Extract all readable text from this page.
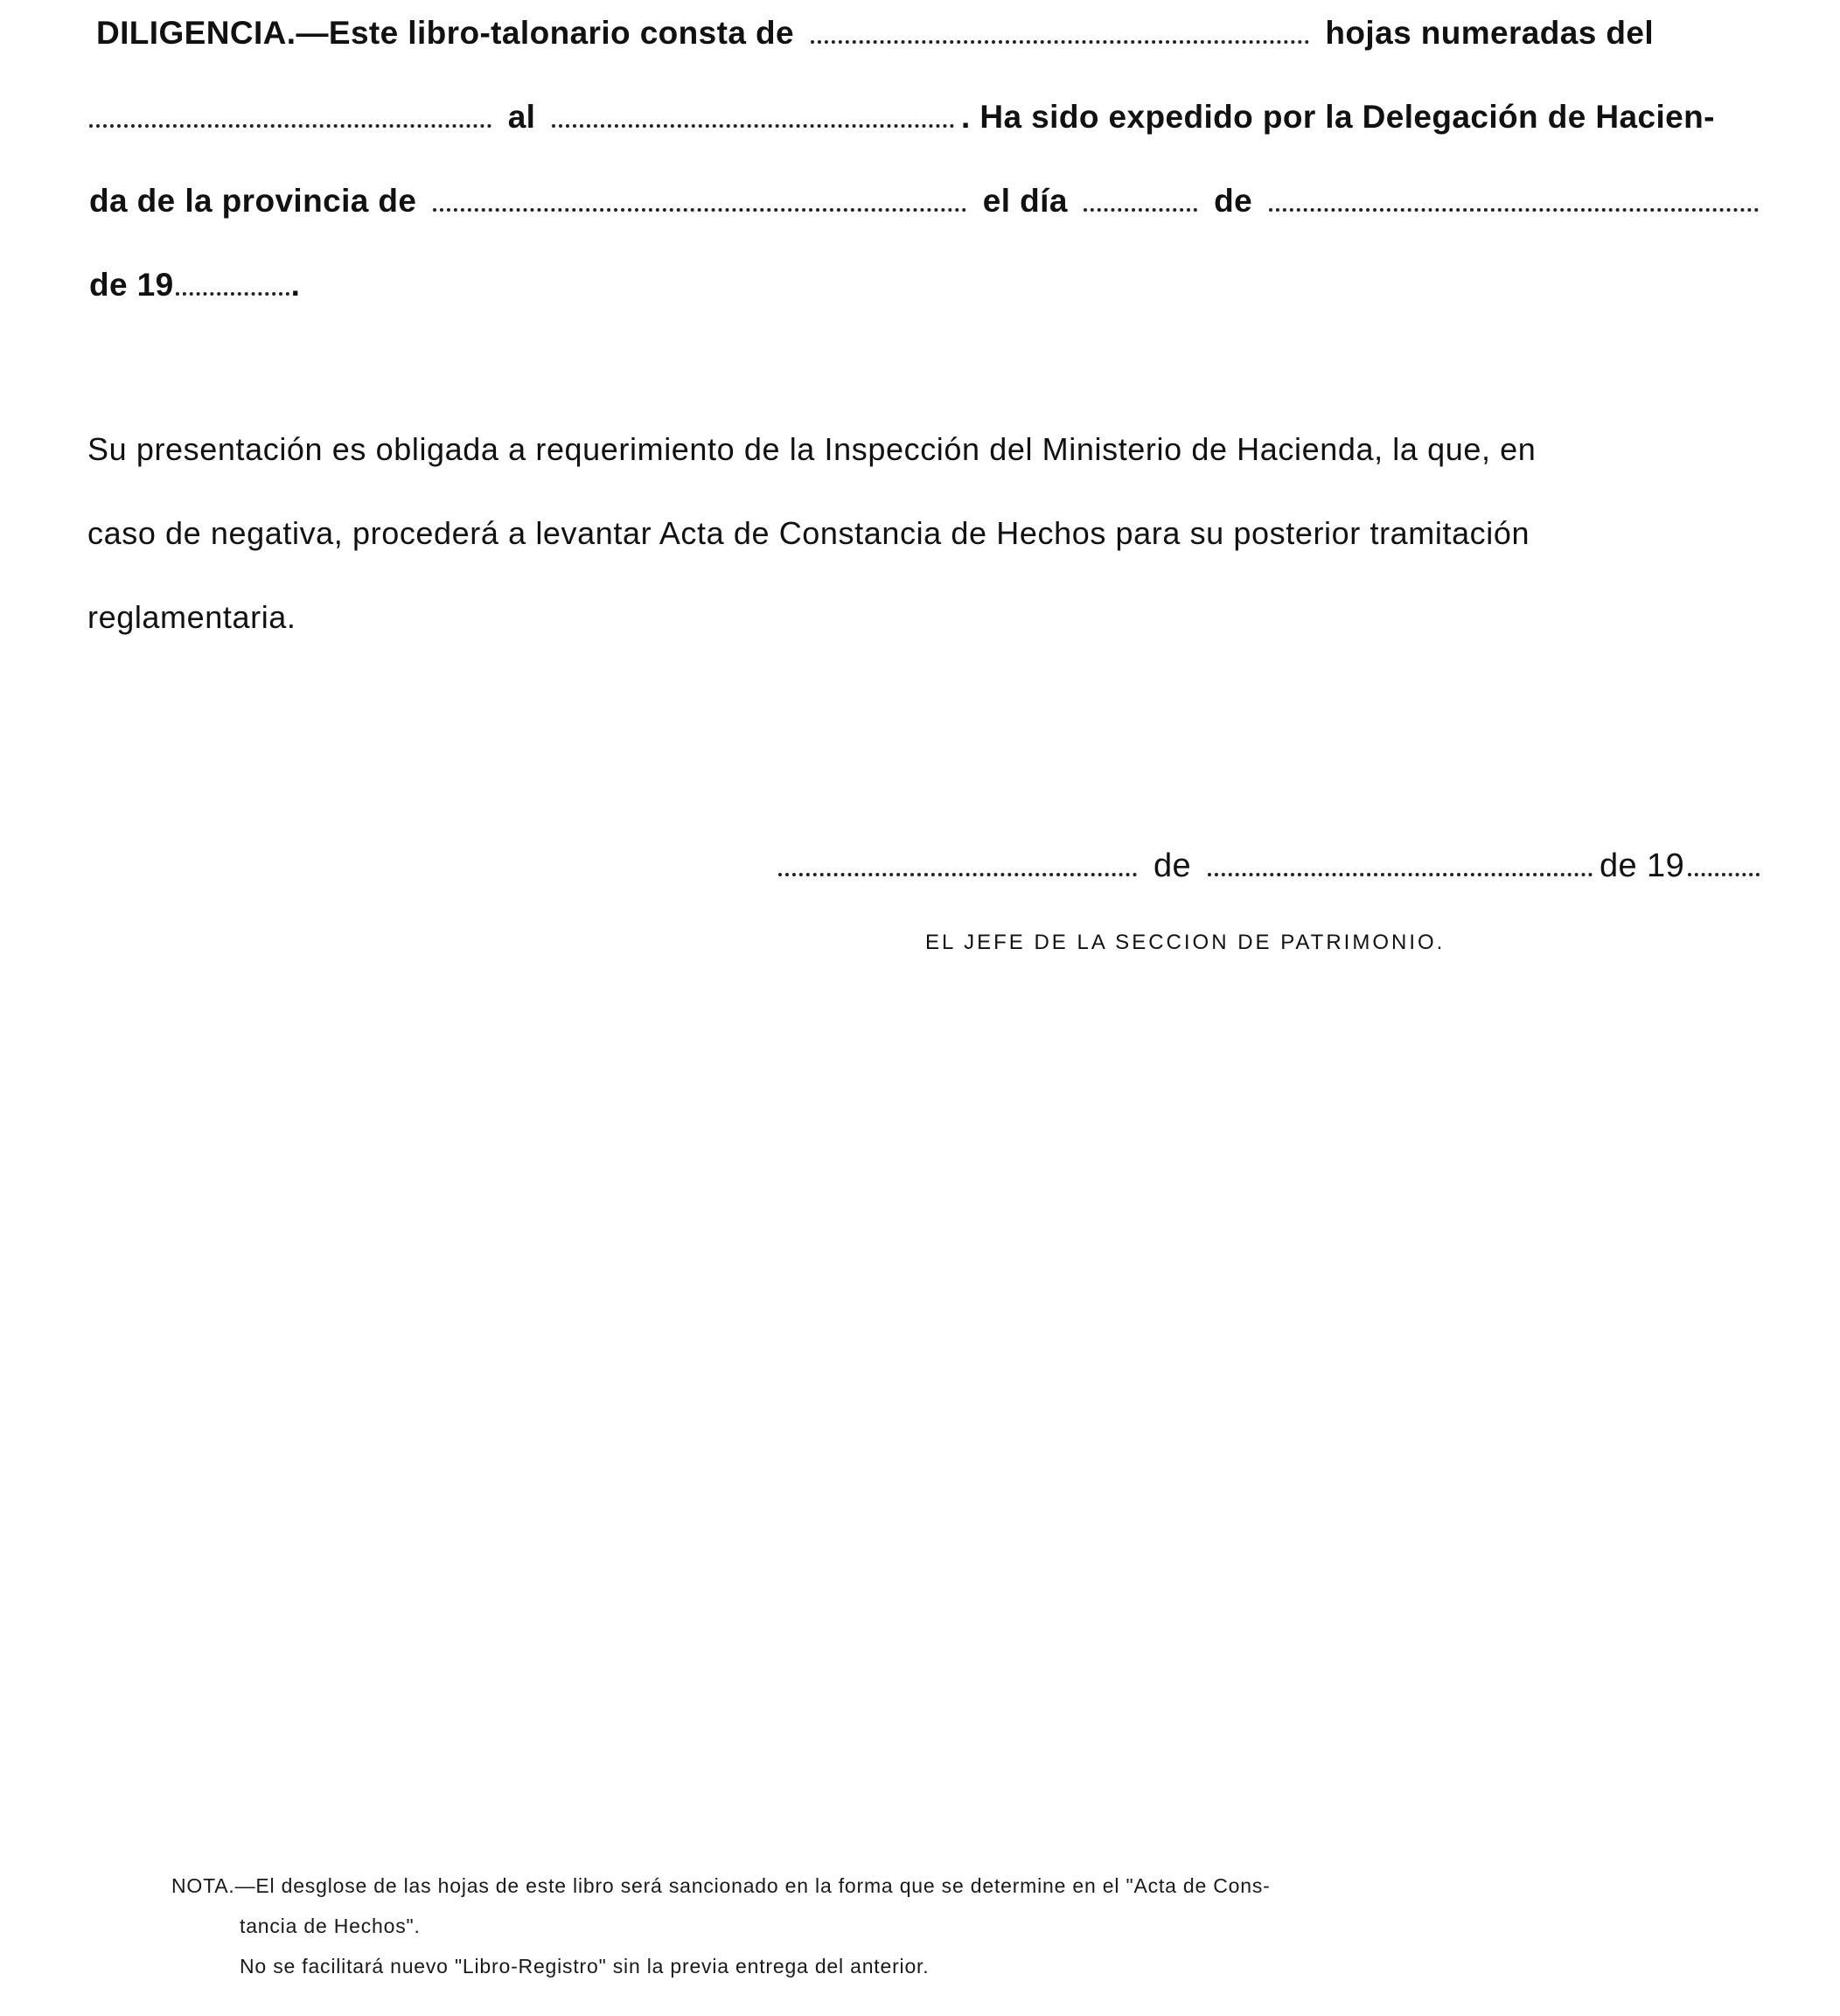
DILIGENCIA.—Este libro-talonario consta de	hojas numeradas del
al	. Ha sido expedido por la Delegación de Hacien-
da de la provincia de	el día	de
de 19	.
Su presentación es obligada a requerimiento de la Inspección del Ministerio de Hacienda, la que, en
caso de negativa, procederá a levantar Acta de Constancia de Hechos para su posterior tramitación
reglamentaria.
de	de 19
EL JEFE DE LA SECCION DE PATRIMONIO.
NOTA.—El desglose de las hojas de este libro será sancionado en la forma que se determine en el "Acta de Cons-
tancia de Hechos".
No se facilitará nuevo "Libro-Registro" sin la previa entrega del anterior.
